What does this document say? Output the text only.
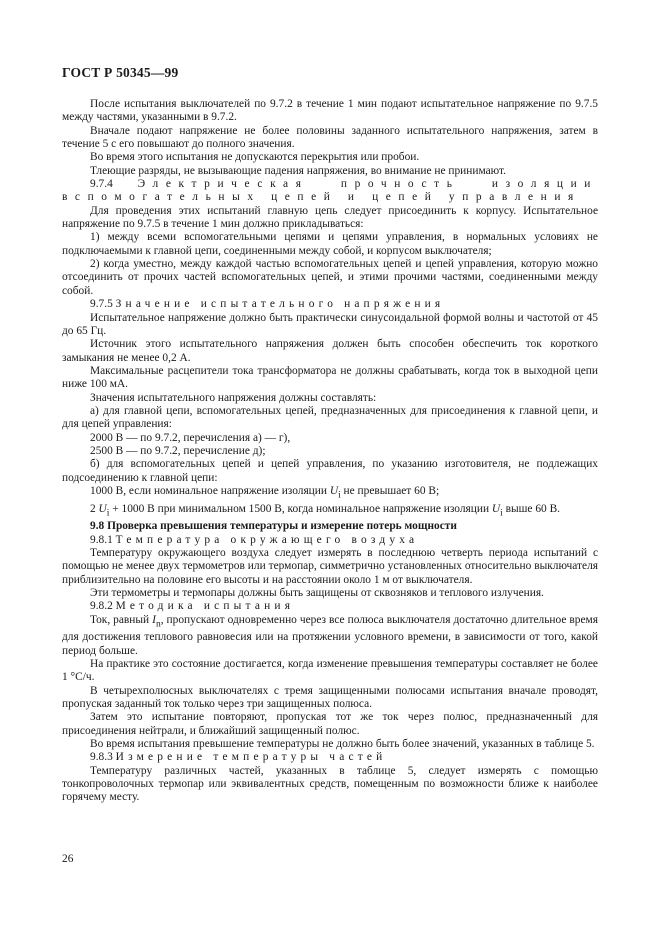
ГОСТ Р 50345—99

После испытания выключателей по 9.7.2 в течение 1 мин подают испытательное напряжение по 9.7.5 между частями, указанными в 9.7.2.

Вначале подают напряжение не более половины заданного испытательного напряжения, затем в течение 5 с его повышают до полного значения.

Во время этого испытания не допускаются перекрытия или пробои.

Тлеющие разряды, не вызывающие падения напряжения, во внимание не принимают.

9.7.4 Электрическая прочность изоляции вспомогательных цепей и цепей управления

Для проведения этих испытаний главную цепь следует присоединить к корпусу. Испытательное напряжение по 9.7.5 в течение 1 мин должно прикладываться:

1) между всеми вспомогательными цепями и цепями управления, в нормальных условиях не подключаемыми к главной цепи, соединенными между собой, и корпусом выключателя;

2) когда уместно, между каждой частью вспомогательных цепей и цепей управления, которую можно отсоединить от прочих частей вспомогательных цепей, и этими прочими частями, соединенными между собой.

9.7.5 Значение испытательного напряжения

Испытательное напряжение должно быть практически синусоидальной формой волны и частотой от 45 до 65 Гц.

Источник этого испытательного напряжения должен быть способен обеспечить ток короткого замыкания не менее 0,2 А.

Максимальные расцепители тока трансформатора не должны срабатывать, когда ток в выходной цепи ниже 100 мА.

Значения испытательного напряжения должны составлять:

а) для главной цепи, вспомогательных цепей, предназначенных для присоединения к главной цепи, и для цепей управления:

2000 В — по 9.7.2, перечисления а) — г),

2500 В — по 9.7.2, перечисление д);

б) для вспомогательных цепей и цепей управления, по указанию изготовителя, не подлежащих подсоединению к главной цепи:

1000 В, если номинальное напряжение изоляции $U_i$ не превышает 60 В;

2 $U_i + 1000$ В при минимальном 1500 В, когда номинальное напряжение изоляции $U_i$ выше 60 В.

9.8 Проверка превышения температуры и измерение потерь мощности

9.8.1 Температура окружающего воздуха

Температуру окружающего воздуха следует измерять в последнюю четверть периода испытаний с помощью не менее двух термометров или термопар, симметрично установленных относительно выключателя приблизительно на половине его высоты и на расстоянии около 1 м от выключателя.

Эти термометры и термопары должны быть защищены от сквозняков и теплового излучения.

9.8.2 Методика испытания

Ток, равный $I_n$, пропускают одновременно через все полюса выключателя достаточно длительное время для достижения теплового равновесия или на протяжении условного времени, в зависимости от того, какой период больше.

На практике это состояние достигается, когда изменение превышения температуры составляет не более 1 °С/ч.

В четырехполюсных выключателях с тремя защищенными полюсами испытания вначале проводят, пропуская заданный ток только через три защищенных полюса.

Затем это испытание повторяют, пропуская тот же ток через полюс, предназначенный для присоединения нейтрали, и ближайший защищенный полюс.

Во время испытания превышение температуры не должно быть более значений, указанных в таблице 5.

9.8.3 Измерение температуры частей

Температуру различных частей, указанных в таблице 5, следует измерять с помощью тонкопроволочных термопар или эквивалентных средств, помещенным по возможности ближе к наиболее горячему месту.

26
